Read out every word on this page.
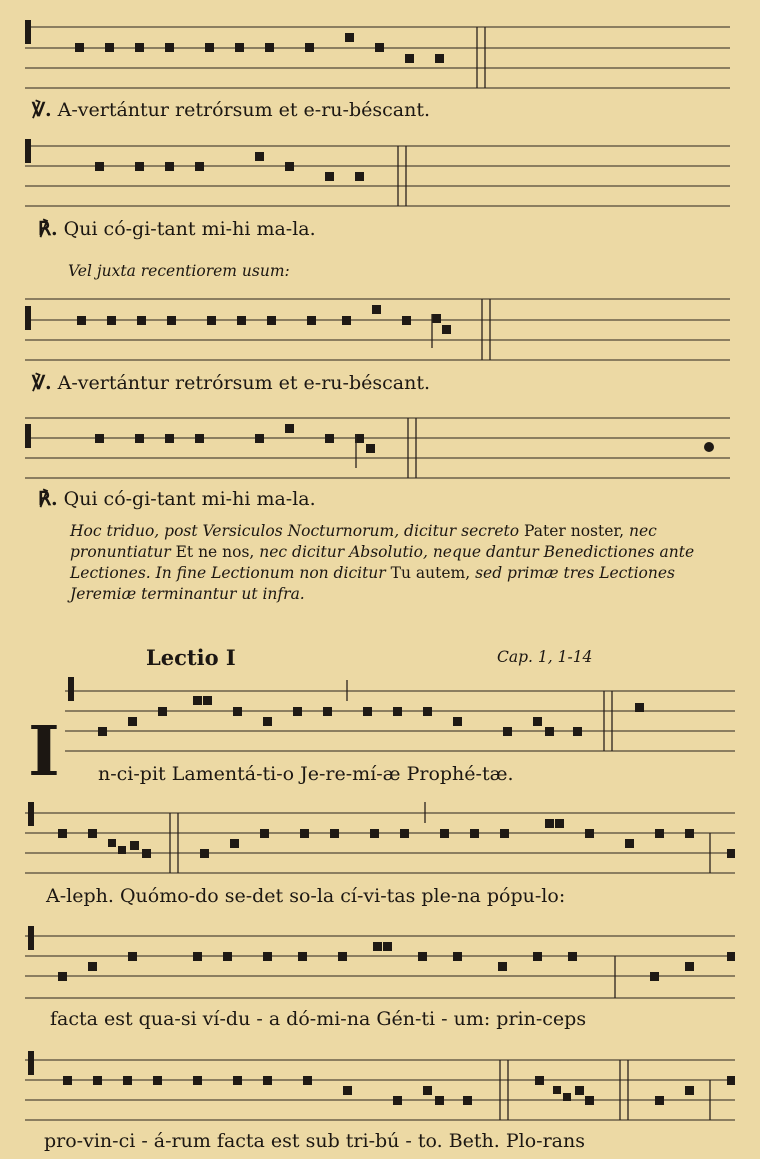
℣. A-vertántur retrórsum et e-ru-béscant.
℟. Qui có-gi-tant mi-hi ma-la.
Vel juxta recentiorem usum:
℣. A-vertántur retrórsum et e-ru-béscant.
℟. Qui có-gi-tant mi-hi ma-la.
Hoc triduo, post Versiculos Nocturnorum, dicitur secreto Pater noster, nec pronuntiatur Et ne nos, nec dicitur Absolutio, neque dantur Benedictiones ante Lectiones. In fine Lectionum non dicitur Tu autem, sed primæ tres Lectiones Jeremiæ terminantur ut infra.
Lectio I	Cap. 1, 1-14
I n-ci-pit Lamentá-ti-o Je-re-mí-æ Prophé-tæ.
A-leph. Quómo-do se-det so-la cí-vi-tas ple-na pópu-lo:
facta est qua-si ví-du - a dó-mi-na Gén-ti - um: prin-ceps
pro-vin-ci - á-rum facta est sub tri-bú - to. Beth. Plo-rans
